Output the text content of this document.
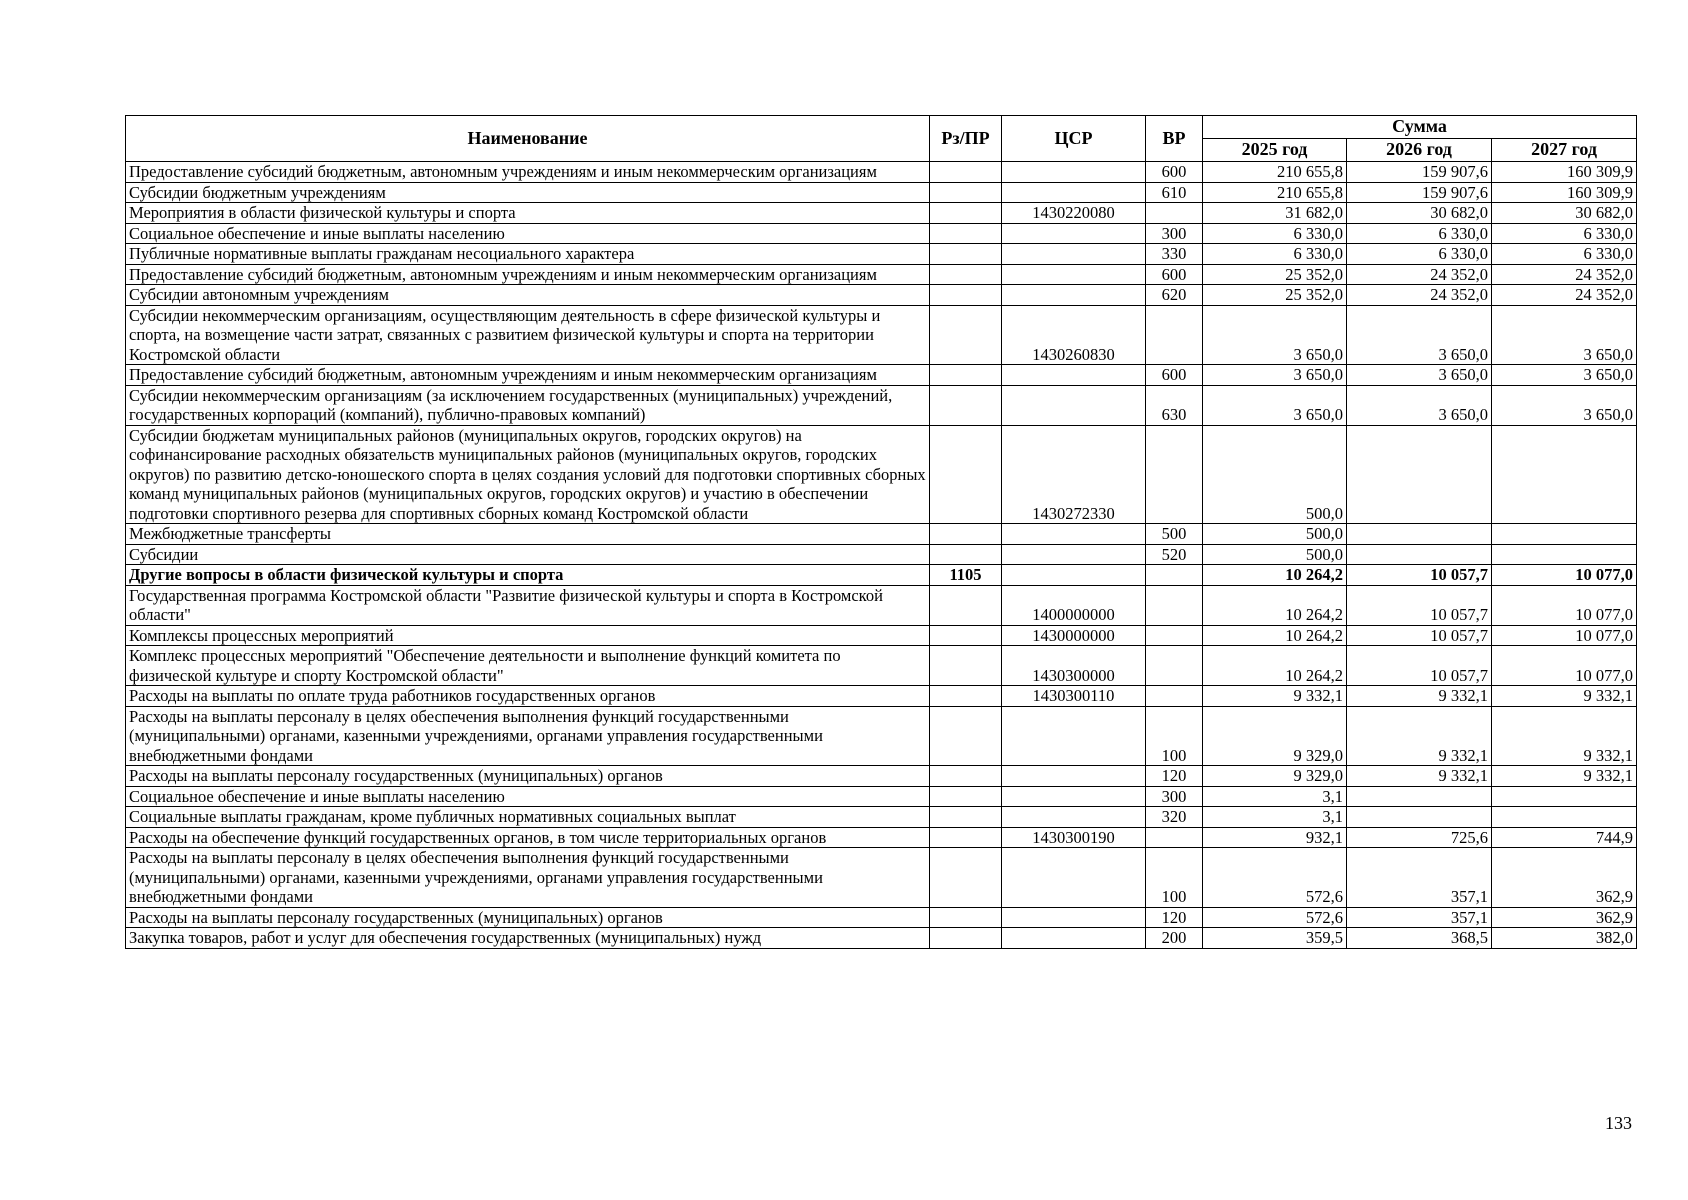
Наименование	Рз/ПР	ЦСР	ВР	Сумма		
				2025 год	2026 год	2027 год
Предоставление субсидий бюджетным, автономным учреждениям и иным некоммерческим организациям			600	210 655,8	159 907,6	160 309,9
Субсидии бюджетным учреждениям			610	210 655,8	159 907,6	160 309,9
Мероприятия в области физической культуры и спорта		1430220080		31 682,0	30 682,0	30 682,0
Социальное обеспечение и иные выплаты населению			300	6 330,0	6 330,0	6 330,0
Публичные нормативные выплаты гражданам несоциального характера			330	6 330,0	6 330,0	6 330,0
Предоставление субсидий бюджетным, автономным учреждениям и иным некоммерческим организациям			600	25 352,0	24 352,0	24 352,0
Субсидии автономным учреждениям			620	25 352,0	24 352,0	24 352,0
Субсидии некоммерческим организациям, осуществляющим деятельность в сфере физической культуры и спорта, на возмещение части затрат, связанных с развитием физической культуры и спорта на территории Костромской области		1430260830		3 650,0	3 650,0	3 650,0
Предоставление субсидий бюджетным, автономным учреждениям и иным некоммерческим организациям			600	3 650,0	3 650,0	3 650,0
Субсидии некоммерческим организациям (за исключением государственных (муниципальных) учреждений, государственных корпораций (компаний), публично-правовых компаний)			630	3 650,0	3 650,0	3 650,0
Субсидии бюджетам муниципальных районов (муниципальных округов, городских округов) на софинансирование расходных обязательств муниципальных районов (муниципальных округов, городских округов) по развитию детско-юношеского спорта в целях создания условий для подготовки спортивных сборных команд муниципальных районов (муниципальных округов, городских округов) и участию в обеспечении подготовки спортивного резерва для спортивных сборных команд Костромской области		1430272330		500,0		
Межбюджетные трансферты			500	500,0		
Субсидии			520	500,0		
Другие вопросы в области физической культуры и спорта	1105			10 264,2	10 057,7	10 077,0
Государственная программа Костромской области "Развитие физической культуры и спорта в Костромской области"		1400000000		10 264,2	10 057,7	10 077,0
Комплексы процессных мероприятий		1430000000		10 264,2	10 057,7	10 077,0
Комплекс процессных мероприятий "Обеспечение деятельности и выполнение функций комитета по физической культуре и спорту Костромской области"		1430300000		10 264,2	10 057,7	10 077,0
Расходы на выплаты по оплате труда работников государственных органов		1430300110		9 332,1	9 332,1	9 332,1
Расходы на выплаты персоналу в целях обеспечения выполнения функций государственными (муниципальными) органами, казенными учреждениями, органами управления государственными внебюджетными фондами			100	9 329,0	9 332,1	9 332,1
Расходы на выплаты персоналу государственных (муниципальных) органов			120	9 329,0	9 332,1	9 332,1
Социальное обеспечение и иные выплаты населению			300	3,1		
Социальные выплаты гражданам, кроме публичных нормативных социальных выплат			320	3,1		
Расходы на обеспечение функций государственных органов, в том числе территориальных органов		1430300190		932,1	725,6	744,9
Расходы на выплаты персоналу в целях обеспечения выполнения функций государственными (муниципальными) органами, казенными учреждениями, органами управления государственными внебюджетными фондами			100	572,6	357,1	362,9
Расходы на выплаты персоналу государственных (муниципальных) органов			120	572,6	357,1	362,9
Закупка товаров, работ и услуг для обеспечения государственных (муниципальных) нужд			200	359,5	368,5	382,0
133
